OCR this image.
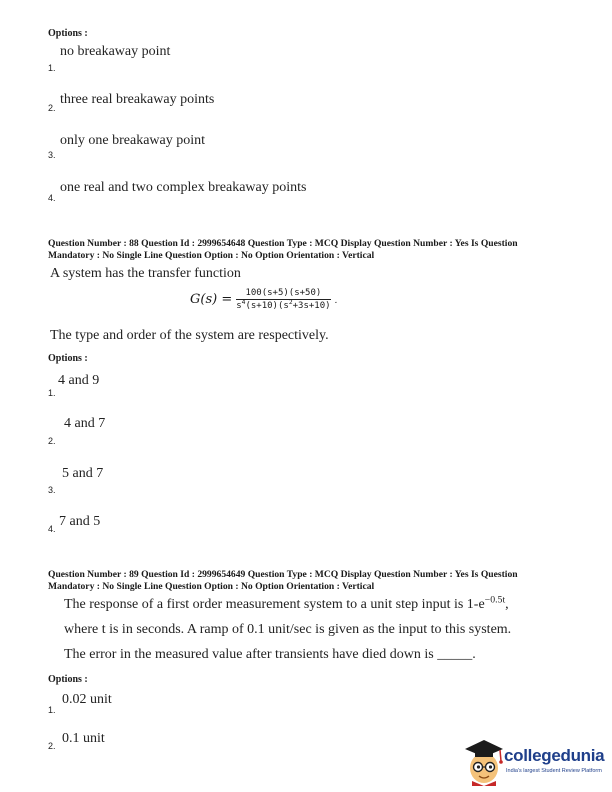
Options :
no breakaway point
1.
three real breakaway points
2.
only one breakaway point
3.
one real and two complex breakaway points
4.
Question Number : 88 Question Id : 2999654648 Question Type : MCQ Display Question Number : Yes Is Question
Mandatory : No Single Line Question Option : No Option Orientation : Vertical
A system has the transfer function
$G(s) = \frac{100(s+5)(s+50)}{s^4(s+10)(s^2+3s+10)}$ .
The type and order of the system are respectively.
Options :
4 and 9
1.
4 and 7
2.
5 and 7
3.
7 and 5
4.
Question Number : 89 Question Id : 2999654649 Question Type : MCQ Display Question Number : Yes Is Question
Mandatory : No Single Line Question Option : No Option Orientation : Vertical
The response of a first order measurement system to a unit step input is $1-e^{-0.5t}$,
where t is in seconds. A ramp of 0.1 unit/sec is given as the input to this system.
The error in the measured value after transients have died down is _____.
Options :
0.02 unit
1.
0.1 unit
2.	collegedunia
India's largest Student Review Platform
